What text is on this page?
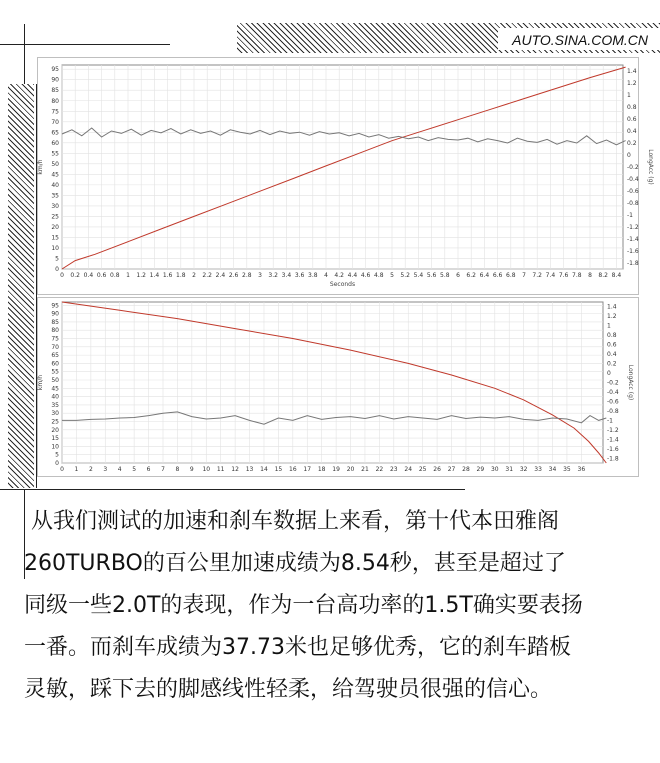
AUTO.SINA.COM.CN
0 0.2 0.4 0.6 0.8 1 1.2 1.4 1.6 1.8 2 2.2 2.4 2.6 2.8 3 3.2 3.4 3.6 3.8 4 4.2 4.4 4.6 4.8 5 5.2 5.4 5.6 5.8 6 6.2 6.4 6.6 6.8 7 7.2 7.4 7.6 7.8 8 8.2 8.4
0
5
10
15
20
25
30
35
40
45
50
55
60
65
70
75
80
85
90
95
-1.8
-1.6
-1.4
-1.2
-1
-0.8
-0.6
-0.4
-0.2
0
0.2
0.4
0.6
0.8
1
1.2
1.4
km/h	LongAcc (g)
Seconds
0 1 2 3 4 5 6 7 8 9 10 11 12 13 14 15 16 17 18 19 20 21 22 23 24 25 26 27 28 29 30 31 32 33 34 35 36
0
5
10
15
20
25
30
35
40
45
50
55
60
65
70
75
80
85
90
95
-1.8
-1.6
-1.4
-1.2
-1
-0.8
-0.6
-0.4
-0.2
0
0.2
0.4
0.6
0.8
1
1.2
1.4
km/h	LongAcc (g)

从我们测试的加速和刹车数据上来看，第十代本田雅阁
260TURBO的百公里加速成绩为8.54秒，甚至是超过了
同级一些2.0T的表现，作为一台高功率的1.5T确实要表扬
一番。而刹车成绩为37.73米也足够优秀，它的刹车踏板
灵敏，踩下去的脚感线性轻柔，给驾驶员很强的信心。
